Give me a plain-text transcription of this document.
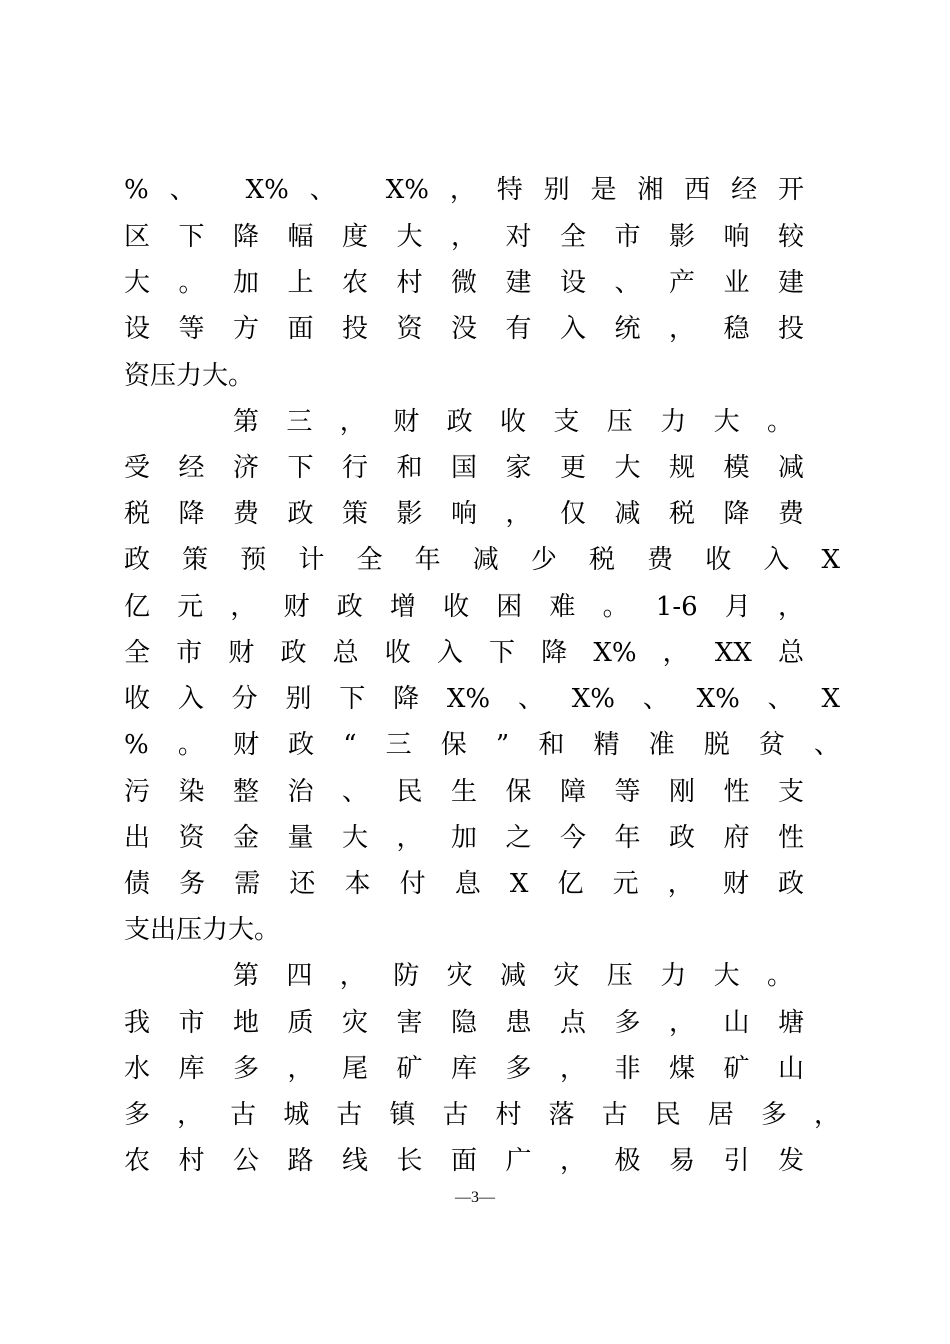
%、 X%、 X%，特别是湘西经开
区下降幅度大，对全市影响较
大。加上农村微建设、产业建
设等方面投资没有入统，稳投
资压力大。
第三，财政收支压力大。
受经济下行和国家更大规模减
税降费政策影响，仅减税降费
政策预计全年减少税费收入X
亿元，财政增收困难。1-6月，
全市财政总收入下降X%，XX总
收入分别下降X%、X%、X%、X
%。财政“三保”和精准脱贫、
污染整治、民生保障等刚性支
出资金量大，加之今年政府性
债务需还本付息X亿元，财政
支出压力大。
第四，防灾减灾压力大。
我市地质灾害隐患点多，山塘
水库多，尾矿库多，非煤矿山
多，古城古镇古村落古民居多，
农村公路线长面广，极易引发
—3—
